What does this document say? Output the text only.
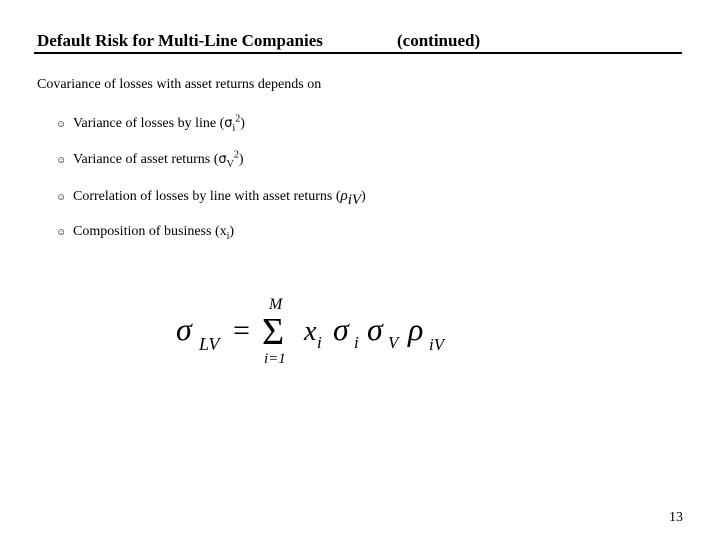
Default Risk for Multi-Line Companies	(continued)
Covariance of losses with asset returns depends on
☺ Variance of losses by line $(\sigma_i^2)$
☺ Variance of asset returns $(\sigma_V^2)$
☺ Correlation of losses by line with asset returns $(\rho_{iV})$
☺ Composition of business $(x_i)$
σ LV =
M
Σ
i=1
x i σ i σ V ρ iV
13
